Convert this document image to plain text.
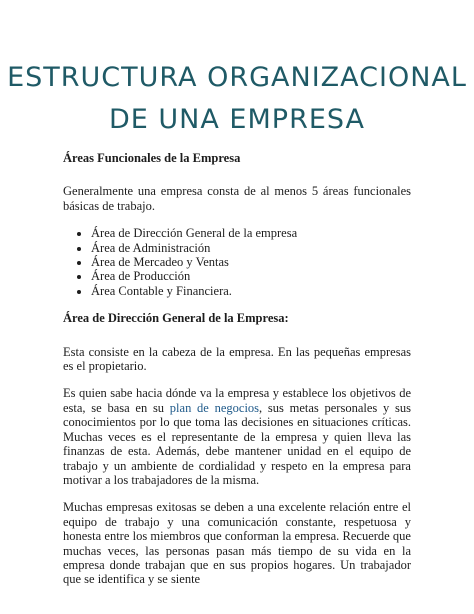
ESTRUCTURA ORGANIZACIONAL
DE UNA EMPRESA

Áreas Funcionales de la Empresa

Generalmente una empresa consta de al menos 5 áreas funcionales básicas de trabajo.

• Área de Dirección General de la empresa
• Área de Administración
• Área de Mercadeo y Ventas
• Área de Producción
• Área Contable y Financiera.

Área de Dirección General de la Empresa:

Esta consiste en la cabeza de la empresa. En las pequeñas empresas es el propietario.

Es quien sabe hacia dónde va la empresa y establece los objetivos de esta, se basa en su plan de negocios, sus metas personales y sus conocimientos por lo que toma las decisiones en situaciones críticas. Muchas veces es el representante de la empresa y quien lleva las finanzas de esta. Además, debe mantener unidad en el equipo de trabajo y un ambiente de cordialidad y respeto en la empresa para motivar a los trabajadores de la misma.

Muchas empresas exitosas se deben a una excelente relación entre el equipo de trabajo y una comunicación constante, respetuosa y honesta entre los miembros que conforman la empresa. Recuerde que muchas veces, las personas pasan más tiempo de su vida en la empresa donde trabajan que en sus propios hogares. Un trabajador que se identifica y se siente
